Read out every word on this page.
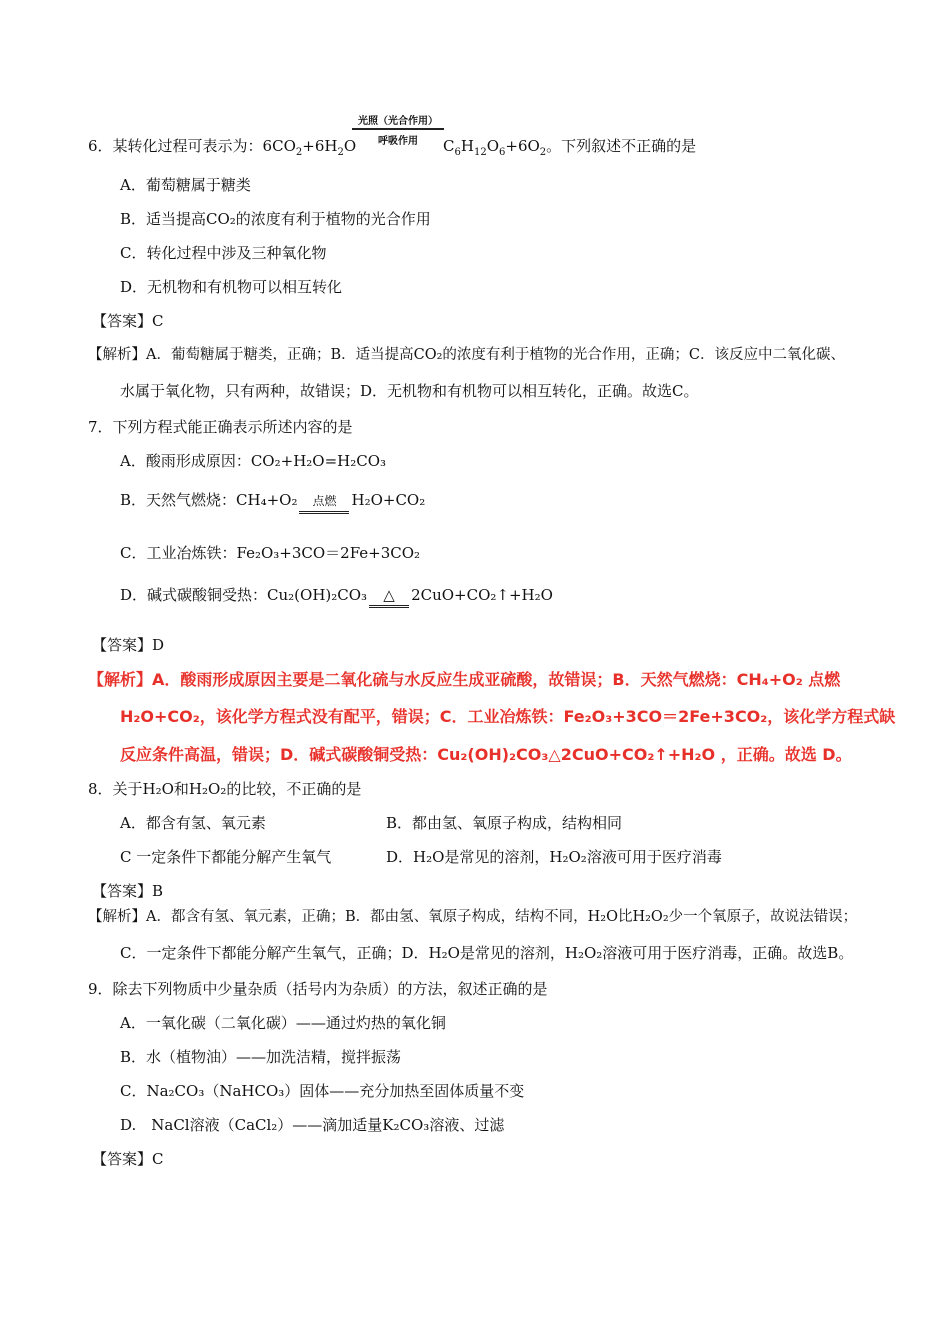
6．某转化过程可表示为：$6CO_2+6H_2O$
光照（光合作用）
呼吸作用	$C_6H_{12}O_6+6O_2$。下列叙述不正确的是
A．葡萄糖属于糖类
B．适当提高CO₂的浓度有利于植物的光合作用
C．转化过程中涉及三种氧化物
D．无机物和有机物可以相互转化
【答案】C
【解析】A．葡萄糖属于糖类，正确；B．适当提高CO₂的浓度有利于植物的光合作用，正确；C．该反应中二氧化碳、
水属于氧化物，只有两种，故错误；D．无机物和有机物可以相互转化，正确。故选C。
7．下列方程式能正确表示所述内容的是
A．酸雨形成原因：CO₂+H₂O=H₂CO₃
B．天然气燃烧：CH₄+O₂ 点燃 H₂O+CO₂
C．工业冶炼铁：Fe₂O₃+3CO＝2Fe+3CO₂
D．碱式碳酸铜受热：Cu₂(OH)₂CO₃ △ 2CuO+CO₂↑+H₂O
【答案】D
【解析】A．酸雨形成原因主要是二氧化硫与水反应生成亚硫酸，故错误；B．天然气燃烧：CH₄+O₂ 点燃
H₂O+CO₂，该化学方程式没有配平，错误；C．工业冶炼铁：Fe₂O₃+3CO＝2Fe+3CO₂，该化学方程式缺
反应条件高温，错误；D．碱式碳酸铜受热：Cu₂(OH)₂CO₃△2CuO+CO₂↑+H₂O ，正确。故选 D。
8．关于H₂O和H₂O₂的比较，不正确的是
A．都含有氢、氧元素	B．都由氢、氧原子构成，结构相同
C 一定条件下都能分解产生氧气	D．H₂O是常见的溶剂，H₂O₂溶液可用于医疗消毒
【答案】B
【解析】A．都含有氢、氧元素，正确；B．都由氢、氧原子构成，结构不同，H₂O比H₂O₂少一个氧原子，故说法错误；
C．一定条件下都能分解产生氧气，正确；D．H₂O是常见的溶剂，H₂O₂溶液可用于医疗消毒，正确。故选B。
9．除去下列物质中少量杂质（括号内为杂质）的方法，叙述正确的是
A．一氧化碳（二氧化碳）——通过灼热的氧化铜
B．水（植物油）——加洗洁精，搅拌振荡
C．Na₂CO₃（NaHCO₃）固体——充分加热至固体质量不变
D.　NaCl溶液（CaCl₂）——滴加适量K₂CO₃溶液、过滤
【答案】C
